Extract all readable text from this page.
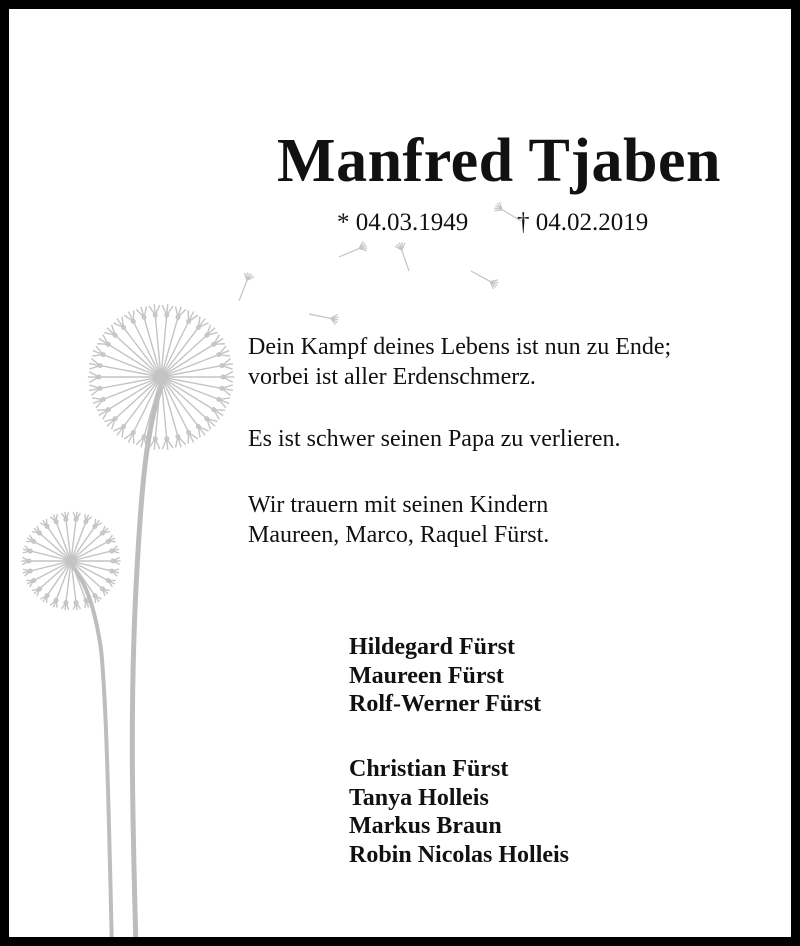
Manfred Tjaben
* 04.03.1949 † 04.02.2019
Dein Kampf deines Lebens ist nun zu Ende;
vorbei ist aller Erdenschmerz.
Es ist schwer seinen Papa zu verlieren.
Wir trauern mit seinen Kindern
Maureen, Marco, Raquel Fürst.
Hildegard Fürst
Maureen Fürst
Rolf-Werner Fürst
Christian Fürst
Tanya Holleis
Markus Braun
Robin Nicolas Holleis
